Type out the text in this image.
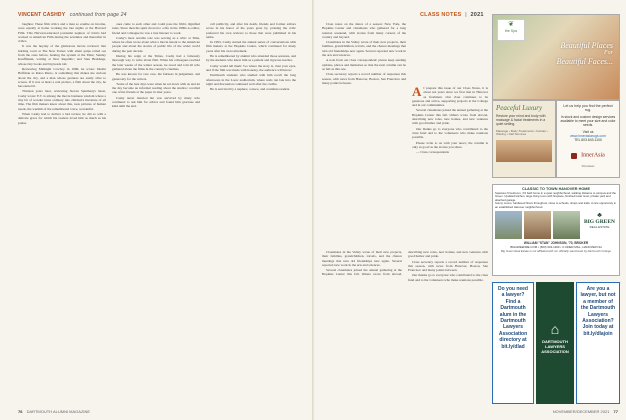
VINCENT CASHDY continued from page 24

laughter. These film critics and a man so erudite on income, were equally at home working the late nights at the Harvard Film. This Harvard-educated journalist nephew of John's had worked at American Film during the seventies and thereafter in critics.

It was the heyday of the glamorous movie reviewer that holding court at The New Yorker with silent quips rolled out from the ones before, beating the system at the Time; Stanley Kauffmann, writing at New Republic; and Stan Brakhage, whose tiny books and big heads tall.

Reviewing Midnight Cowboy in 1969, he wrote: Dustin Hoffman as Ratso Rizzo, is something that makes me curious about the city, and a man whose gestures are easily alive to screen. If it was at heart a real picture, a film about the city, he has earned it.

Thirteen years later, reviewing Steven Spielberg's latest, Cashy wrote: E.T. is among the movie business wisdom where a tiny bit of wonder turns ordinary into children's literature of all time. The film makers knew about this, took pictures of human needs, the warmth of the remembered voice, wonderful.

When Cashy had to deliver a bad review, he did so with a delicate grace for which his readers loved him as much as his praise.

ones came to each other and could pass the film's dignified rules. Since then his spirit moved to a life in the 1980s as editor, friend and colleague he was a true listener to work.

Cashy's most notable role was serving as a critic at Time, where he often wrote about what a movie meant to the American people and about the stories of public life of the wider world during the past decade.

During his reign at the Times, Cashy had a famously thorough way to write about film. When his colleagues reached the later weeks of the winter season, he stood and told all who gathered about the films in the country's cinemas.

He was known for rare care, his fairness in judgement, and generosity for the writers.

'Some of the best days were when he sat down with us and let the day become an informal reading about the studios,' recalled one of his friends at the paper in later years.

Cashy never married but was survived by many who continued to ask him for advice and found him gracious and kind until the end.

call publicity, and after his death, friends and former editors wrote in his honor of the years gone by, praising the critic preferred his own reviews to those that were published in his name.

In 1993, Cashy started the annual series of conversations with film makers at the Hopkins Center, which continued for many years after his own retirement.

He is remembered by alumni who attended those sessions, and by the students who knew him as a patient and rigorous teacher.

Cashy would tell them: 'Go where the story is, trust your eyes, and if the film was made with honesty, the audience will know.'

Dartmouth students who studied with him recall the long afternoons in the Loew auditorium, where reels ran late into the night and discussion continued well after the credits.

He is survived by a nephew, a niece, and countless readers.

76 DARTMOUTH ALUMNI MAGAZINE
CLASS NOTES | 2021

Class notes on the dance of a season: New York, the Hopkins Center and classmates who gathered for a long reunion weekend, with stories from many corners of the country and beyond.

Classmates in the Valley wrote of their new projects, their families, grandchildren, travels, and the chance meetings that turn old friendships new again. Several reported new work in the arts and sciences.

A note from our class correspondent: please keep sending updates, photos and memories so that the next column can be as full as this one.

Class secretary reports a record number of responses this season, with news from Hanover, Boston, San Francisco and many points between.

A I prepare this issue of our Class Notes, it is about ten years since we first met in Hanover as freshmen. Our class continues to be generous and active, supporting projects at the College and in our communities.

Several classmates joined the annual gathering at the Hopkins Center this fall. Others wrote from abroad, describing new roles, new homes, and new ventures with good humor and pride.

Our thanks go to everyone who contributed to the class fund and to the volunteers who make reunions possible.

Please write to us with your news; the column is only as good as the stories you share.

— Class correspondents

❦
the Spa
Beautiful Places
For
Beautiful Faces...
Peaceful Luxury
Restore your mind and body with massage & facial treatments in a quiet setting.
Massage • Body Treatments • Facials • Waxing • Nail Services
Let us help you find the perfect rug.
In stock and custom design services available to meet your size and color needs.
Visit us
www.innerasiarugs.com
TEL 603.643.1100
InnerAsia
Khorasan
CLASSIC TO TOWN HANOVER HOME
Spacious 5 bedroom, 3.5 bath home in a quiet neighborhood, walking distance to campus and the Green. Updated kitchen, large living room with fireplace, finished lower level, private yard and attached garage.
Sunny rooms, hardwood floors throughout, close to schools, shops and trails. A rare opportunity in an established Hanover neighborhood.
♣
BIG GREEN
REAL ESTATE
WILLIAM "STAN" JOHNSON, '70, BROKER
BIGGREENRE.COM • (603) 643-1920 • 3 CIDER MILL, HANOVER NH
Big Green Real Estate is not affiliated with nor officially sanctioned by Dartmouth College
Do you need a lawyer? Find a Dartmouth alum in the Dartmouth Lawyers Association directory at bit.ly/dlad
⌂
DARTMOUTH
LAWYERS
ASSOCIATION
Are you a lawyer, but not a member of the Dartmouth Lawyers Association? Join today at bit.ly/dlajoin

Classmates in the Valley wrote of their new projects, their families, grandchildren, travels, and the chance meetings that turn old friendships new again. Several reported new work in the arts and sciences.

Several classmates joined the annual gathering at the Hopkins Center this fall. Others wrote from abroad, describing new roles, new homes, and new ventures with good humor and pride.

Class secretary reports a record number of responses this season, with news from Hanover, Boston, San Francisco and many points between.

Our thanks go to everyone who contributed to the class fund and to the volunteers who make reunions possible.

NOVEMBER/DECEMBER 2021 77
